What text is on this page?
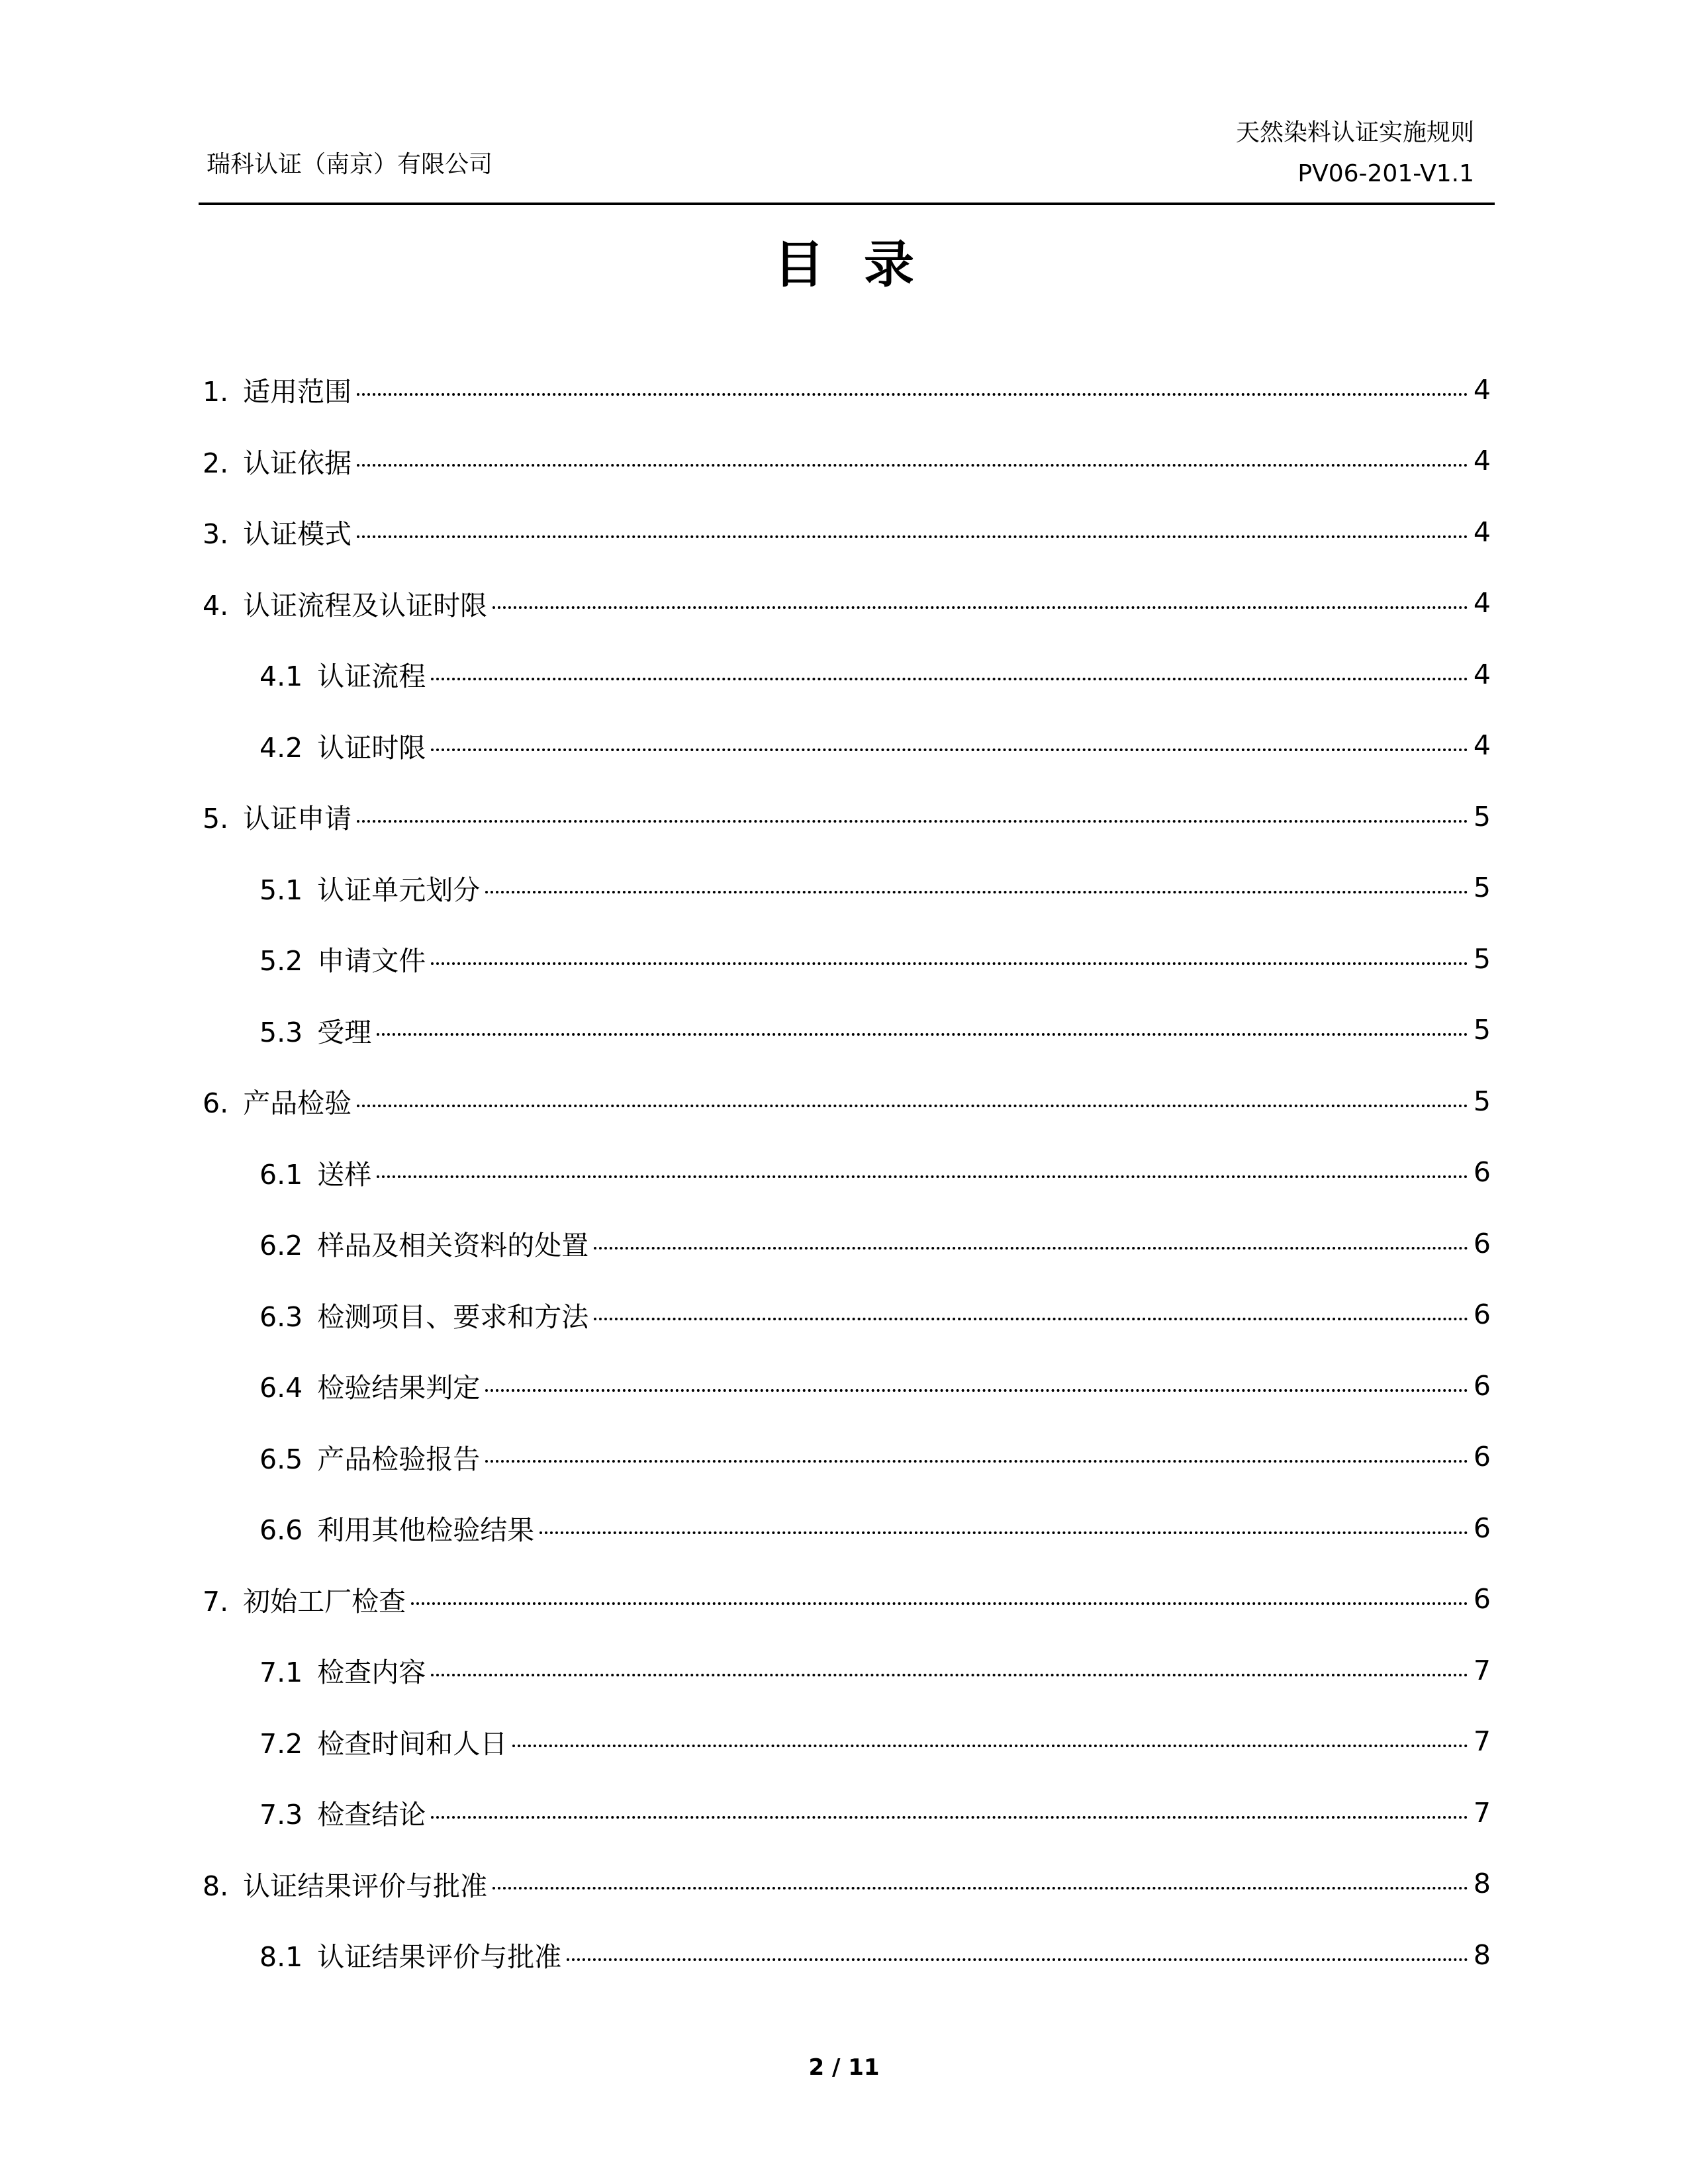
瑞科认证（南京）有限公司
天然染料认证实施规则
PV06-201-V1.1
目录
1. 适用范围	4
2. 认证依据	4
3. 认证模式	4
4. 认证流程及认证时限	4
4.1 认证流程	4
4.2 认证时限	4
5. 认证申请	5
5.1 认证单元划分	5
5.2 申请文件	5
5.3 受理	5
6. 产品检验	5
6.1 送样	6
6.2 样品及相关资料的处置	6
6.3 检测项目、要求和方法	6
6.4 检验结果判定	6
6.5 产品检验报告	6
6.6 利用其他检验结果	6
7. 初始工厂检查	6
7.1 检查内容	7
7.2 检查时间和人日	7
7.3 检查结论	7
8. 认证结果评价与批准	8
8.1 认证结果评价与批准	8
2 / 11
